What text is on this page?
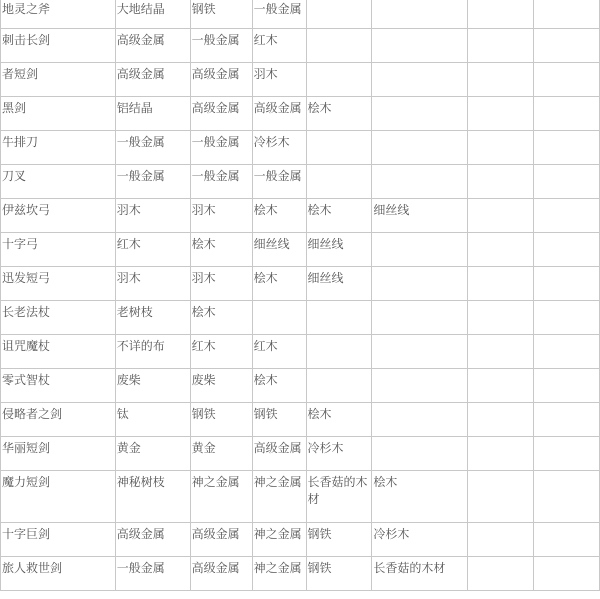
地灵之斧	大地结晶	钢铁	一般金属				

刺击长剑	高级金属	一般金属	红木				

者短剑	高级金属	高级金属	羽木				

黑剑	铝结晶	高级金属	高级金属	桧木			

牛排刀	一般金属	一般金属	冷杉木				

刀叉	一般金属	一般金属	一般金属				

伊兹坎弓	羽木	羽木	桧木	桧木	细丝线		

十字弓	红木	桧木	细丝线	细丝线			

迅发短弓	羽木	羽木	桧木	细丝线			

长老法杖	老树枝	桧木					

诅咒魔杖	不详的布	红木	红木				

零式智杖	废柴	废柴	桧木				

侵略者之剑	钛	钢铁	钢铁	桧木			

华丽短剑	黄金	黄金	高级金属	冷杉木			

魔力短剑	神秘树枝	神之金属	神之金属	长香菇的木材	桧木		

十字巨剑	高级金属	高级金属	神之金属	钢铁	冷杉木		

旅人救世剑	一般金属	高级金属	神之金属	钢铁	长香菇的木材		
